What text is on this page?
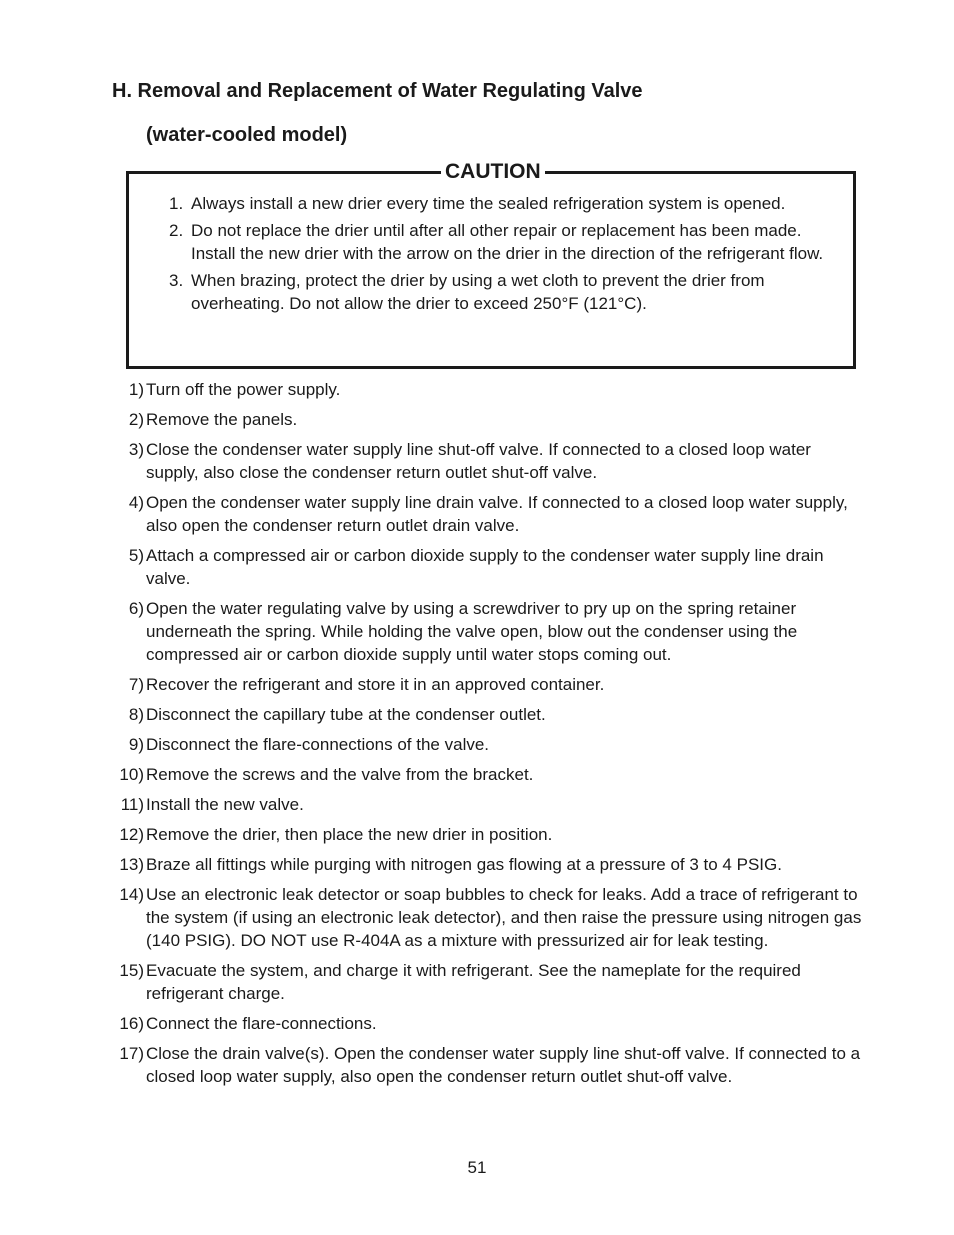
H. Removal and Replacement of Water Regulating Valve
(water-cooled model)
CAUTION
1. Always install a new drier every time the sealed refrigeration system is opened.
2. Do not replace the drier until after all other repair or replacement has been made. Install the new drier with the arrow on the drier in the direction of the refrigerant flow.
3. When brazing, protect the drier by using a wet cloth to prevent the drier from overheating. Do not allow the drier to exceed 250°F (121°C).
1) Turn off the power supply.
2) Remove the panels.
3) Close the condenser water supply line shut-off valve. If connected to a closed loop water supply, also close the condenser return outlet shut-off valve.
4) Open the condenser water supply line drain valve. If connected to a closed loop water supply, also open the condenser return outlet drain valve.
5) Attach a compressed air or carbon dioxide supply to the condenser water supply line drain valve.
6) Open the water regulating valve by using a screwdriver to pry up on the spring retainer underneath the spring. While holding the valve open, blow out the condenser using the compressed air or carbon dioxide supply until water stops coming out.
7) Recover the refrigerant and store it in an approved container.
8) Disconnect the capillary tube at the condenser outlet.
9) Disconnect the flare-connections of the valve.
10) Remove the screws and the valve from the bracket.
11) Install the new valve.
12) Remove the drier, then place the new drier in position.
13) Braze all fittings while purging with nitrogen gas flowing at a pressure of 3 to 4 PSIG.
14) Use an electronic leak detector or soap bubbles to check for leaks. Add a trace of refrigerant to the system (if using an electronic leak detector), and then raise the pressure using nitrogen gas (140 PSIG). DO NOT use R-404A as a mixture with pressurized air for leak testing.
15) Evacuate the system, and charge it with refrigerant. See the nameplate for the required refrigerant charge.
16) Connect the flare-connections.
17) Close the drain valve(s). Open the condenser water supply line shut-off valve. If connected to a closed loop water supply, also open the condenser return outlet shut-off valve.
51
